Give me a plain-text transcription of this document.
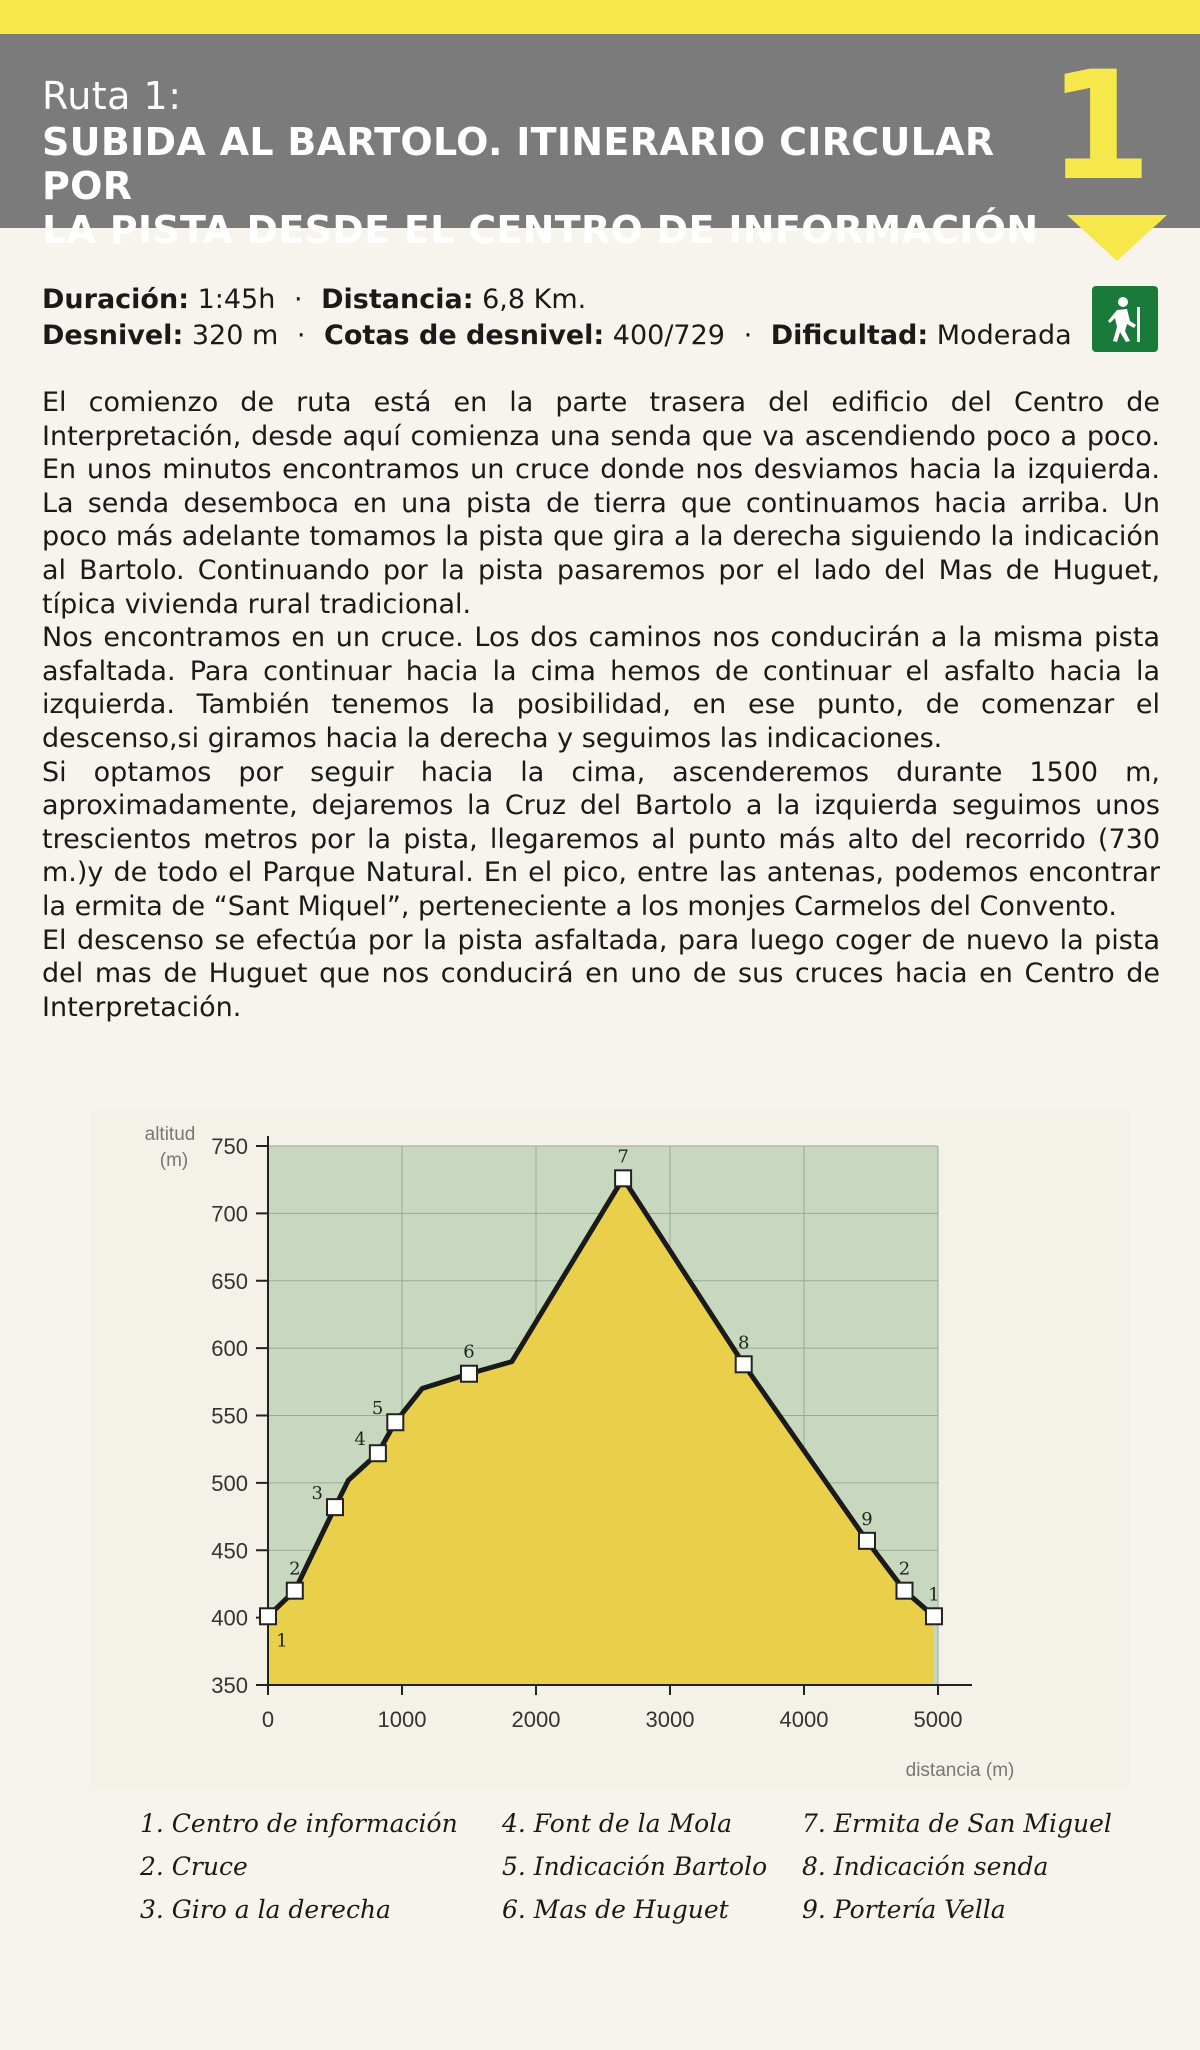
Ruta 1:
SUBIDA AL BARTOLO. ITINERARIO CIRCULAR POR
LA PISTA DESDE EL CENTRO DE INFORMACIÓN
1
Duración: 1:45h · Distancia: 6,8 Km.
Desnivel: 320 m · Cotas de desnivel: 400/729 · Dificultad: Moderada

El comienzo de ruta está en la parte trasera del edificio del Centro de Interpretación, desde aquí comienza una senda que va ascendiendo poco a poco. En unos minutos encontramos un cruce donde nos desviamos hacia la izquierda. La senda desemboca en una pista de tierra que continuamos hacia arriba. Un poco más adelante tomamos la pista que gira a la derecha siguiendo la indicación al Bartolo. Continuando por la pista pasaremos por el lado del Mas de Huguet, típica vivienda rural tradicional.

Nos encontramos en un cruce. Los dos caminos nos conducirán a la misma pista asfaltada. Para continuar hacia la cima hemos de continuar el asfalto hacia la izquierda. También tenemos la posibilidad, en ese punto, de comenzar el descenso,si giramos hacia la derecha y seguimos las indicaciones.

Si optamos por seguir hacia la cima, ascenderemos durante 1500 m, aproximadamente, dejaremos la Cruz del Bartolo a la izquierda seguimos unos trescientos metros por la pista, llegaremos al punto más alto del recorrido (730 m.)y de todo el Parque Natural. En el pico, entre las antenas, podemos encontrar la ermita de “Sant Miquel”, perteneciente a los monjes Carmelos del Convento.

El descenso se efectúa por la pista asfaltada, para luego coger de nuevo la pista del mas de Huguet que nos conducirá en uno de sus cruces hacia en Centro de Interpretación.

750
700
650
600
550
500
450
400
350
0	1000	2000	3000	4000	5000
altitud
(m)
distancia (m)
1
2
3
4
5
6
7
8
9
2
1
1. Centro de información
2. Cruce
3. Giro a la derecha
4. Font de la Mola
5. Indicación Bartolo
6. Mas de Huguet
7. Ermita de San Miguel
8. Indicación senda
9. Portería Vella
